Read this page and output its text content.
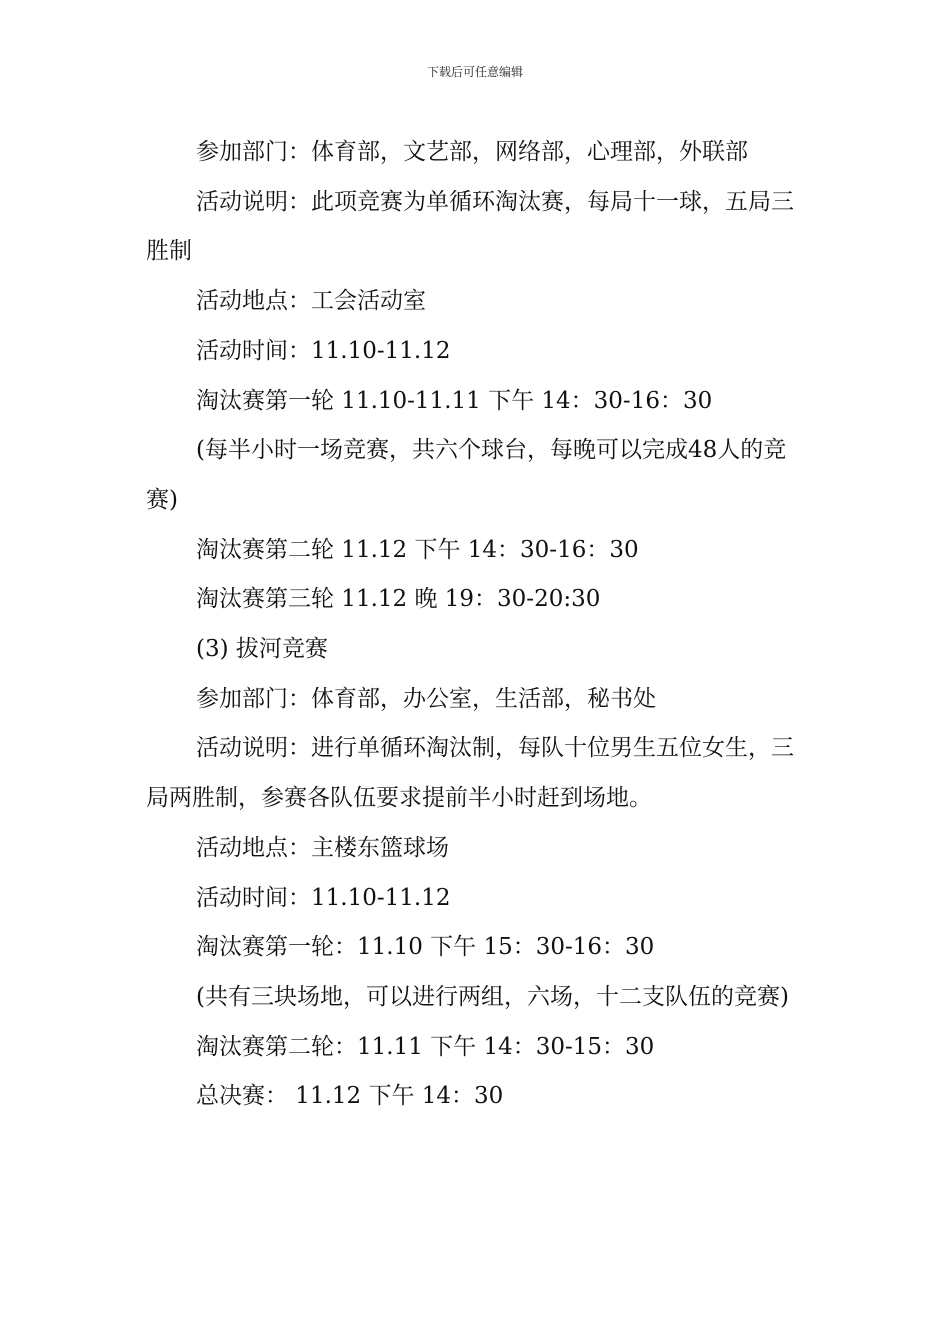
下载后可任意编辑

参加部门：体育部，文艺部，网络部，心理部，外联部

活动说明：此项竞赛为单循环淘汰赛，每局十一球，五局三胜制

活动地点：工会活动室

活动时间：11.10-11.12

淘汰赛第一轮 11.10-11.11 下午 14：30-16：30

(每半小时一场竞赛，共六个球台，每晚可以完成48人的竞赛)

淘汰赛第二轮 11.12 下午 14：30-16：30

淘汰赛第三轮 11.12 晚 19：30-20:30

(3) 拔河竞赛

参加部门：体育部，办公室，生活部，秘书处

活动说明：进行单循环淘汰制，每队十位男生五位女生，三局两胜制，参赛各队伍要求提前半小时赶到场地。

活动地点：主楼东篮球场

活动时间：11.10-11.12

淘汰赛第一轮：11.10 下午 15：30-16：30

(共有三块场地，可以进行两组，六场，十二支队伍的竞赛)

淘汰赛第二轮：11.11 下午 14：30-15：30

总决赛： 11.12 下午 14：30
